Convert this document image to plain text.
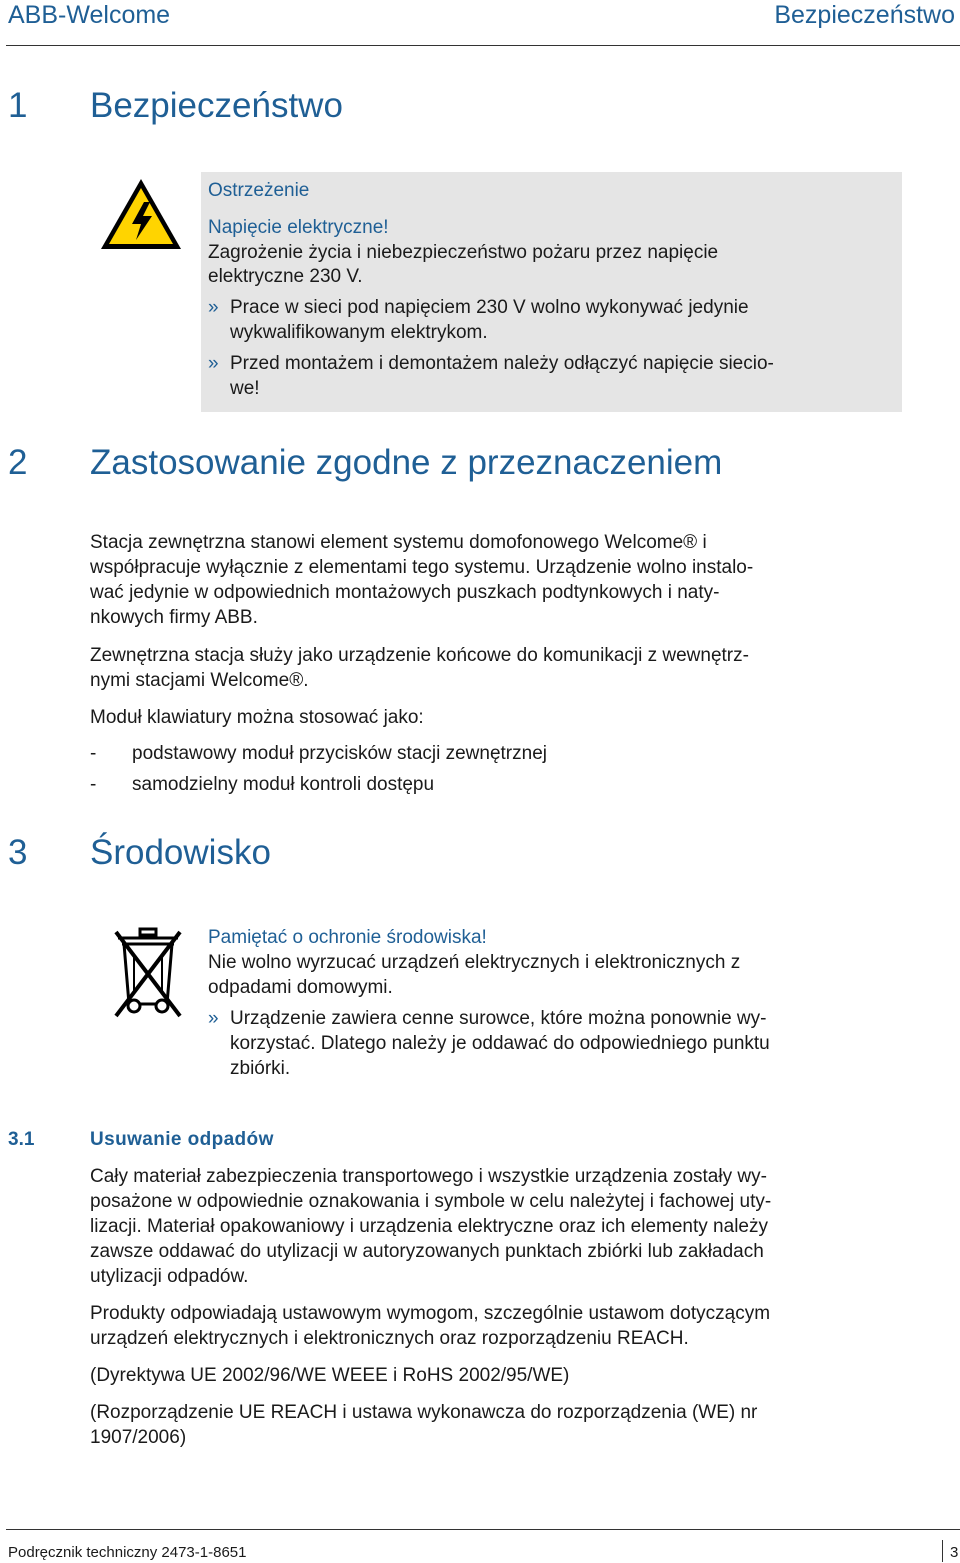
ABB-Welcome	Bezpieczeństwo
1 Bezpieczeństwo
Ostrzeżenie
Napięcie elektryczne!
Zagrożenie życia i niebezpieczeństwo pożaru przez napięcie
elektryczne 230 V.
» Prace w sieci pod napięciem 230 V wolno wykonywać jedynie
wykwalifikowanym elektrykom.
» Przed montażem i demontażem należy odłączyć napięcie siecio-
we!
2 Zastosowanie zgodne z przeznaczeniem
Stacja zewnętrzna stanowi element systemu domofonowego Welcome® i
współpracuje wyłącznie z elementami tego systemu. Urządzenie wolno instalo-
wać jedynie w odpowiednich montażowych puszkach podtynkowych i naty-
nkowych firmy ABB.
Zewnętrzna stacja służy jako urządzenie końcowe do komunikacji z wewnętrz-
nymi stacjami Welcome®.
Moduł klawiatury można stosować jako:
- podstawowy moduł przycisków stacji zewnętrznej
- samodzielny moduł kontroli dostępu
3 Środowisko
Pamiętać o ochronie środowiska!
Nie wolno wyrzucać urządzeń elektrycznych i elektronicznych z
odpadami domowymi.
» Urządzenie zawiera cenne surowce, które można ponownie wy-
korzystać. Dlatego należy je oddawać do odpowiedniego punktu
zbiórki.
3.1	Usuwanie odpadów
Cały materiał zabezpieczenia transportowego i wszystkie urządzenia zostały wy-
posażone w odpowiednie oznakowania i symbole w celu należytej i fachowej uty-
lizacji. Materiał opakowaniowy i urządzenia elektryczne oraz ich elementy należy
zawsze oddawać do utylizacji w autoryzowanych punktach zbiórki lub zakładach
utylizacji odpadów.
Produkty odpowiadają ustawowym wymogom, szczególnie ustawom dotyczącym
urządzeń elektrycznych i elektronicznych oraz rozporządzeniu REACH.
(Dyrektywa UE 2002/96/WE WEEE i RoHS 2002/95/WE)
(Rozporządzenie UE REACH i ustawa wykonawcza do rozporządzenia (WE) nr
1907/2006)
Podręcznik techniczny 2473-1-8651	3
